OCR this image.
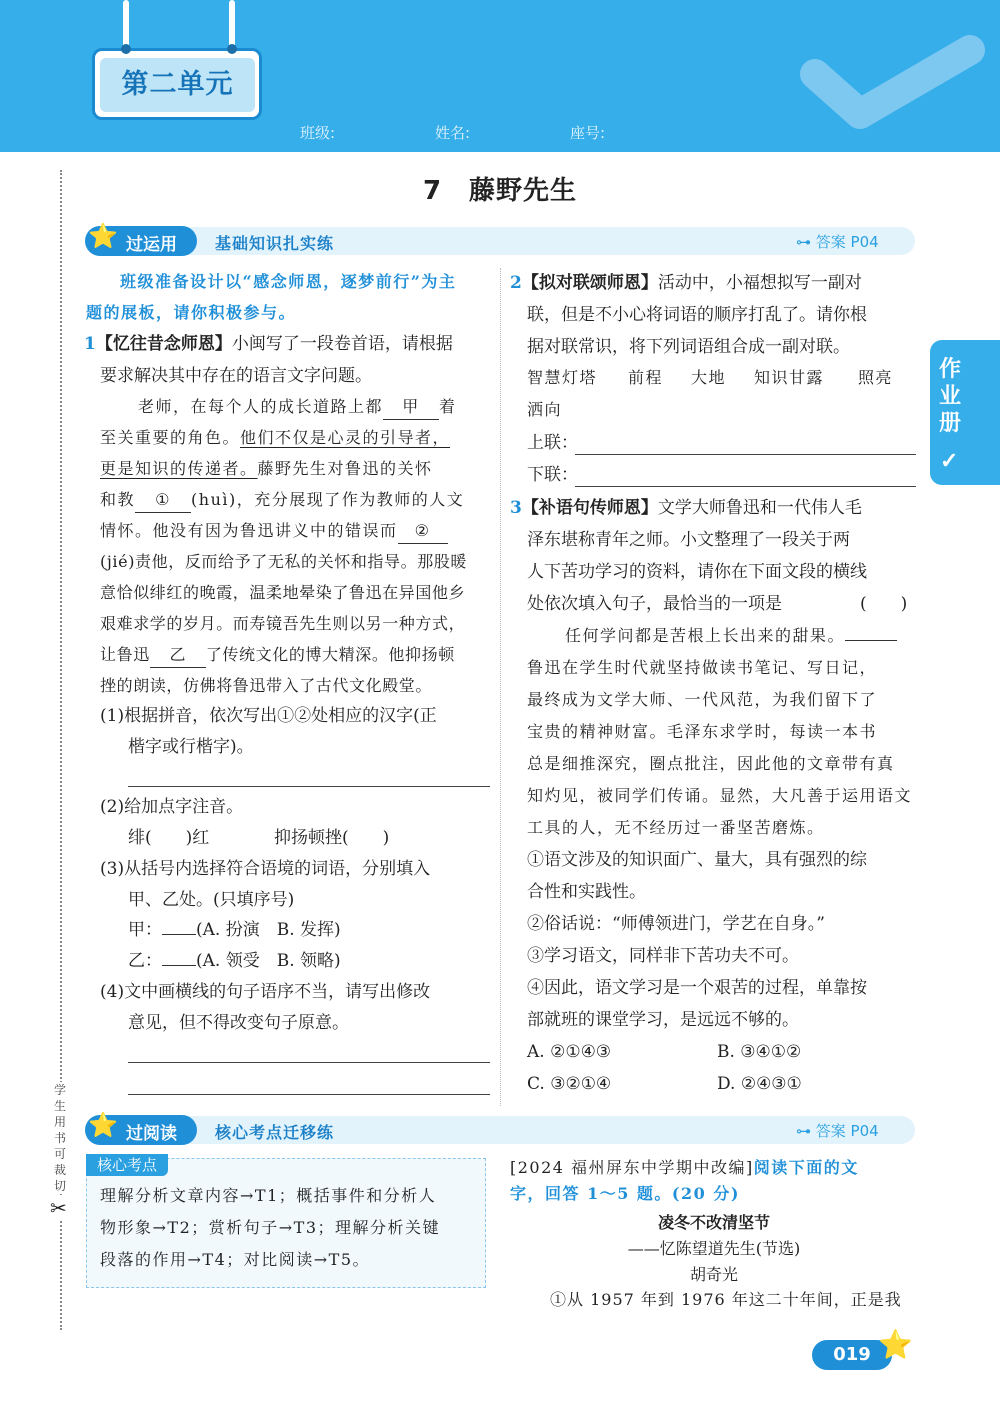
第二单元
班级:	姓名:	座号:
7　藤野先生
学生用书可裁切
✂
⭐ 过运用 基础知识扎实练	⊶ 答案 P04
班级准备设计以“感念师恩，逐梦前行”为主
题的展板，请你积极参与。
1【忆往昔念师恩】小闽写了一段卷首语，请根据
要求解决其中存在的语言文字问题。
老师，在每个人的成长道路上都 甲 着
至关重要的角色。他们不仅是心灵的引导者，
更是知识的传递者。藤野先生对鲁迅的关怀
和教 ① (huì)，充分展现了作为教师的人文
情怀。他没有因为鲁迅讲义中的错误而 ②
(jié)责他，反而给予了无私的关怀和指导。那股暖
意恰似绯红的晚霞，温柔地晕染了鲁迅在异国他乡
艰难求学的岁月。而寿镜吾先生则以另一种方式，
让鲁迅 乙 了传统文化的博大精深。他抑扬顿
挫的朗读，仿佛将鲁迅带入了古代文化殿堂。
(1)根据拼音，依次写出①②处相应的汉字(正
楷字或行楷字)。
(2)给加点字注音。
绯(　　)红	抑扬顿挫(　　)
(3)从括号内选择符合语境的词语，分别填入
甲、乙处。(只填序号)
甲： (A. 扮演　B. 发挥)
乙： (A. 领受　B. 领略)
(4)文中画横线的句子语序不当，请写出修改
意见，但不得改变句子原意。
2【拟对联颂师恩】活动中，小福想拟写一副对
联，但是不小心将词语的顺序打乱了。请你根
据对联常识，将下列词语组合成一副对联。
智慧灯塔 前程 大地 知识甘露 照亮
洒向
上联：
下联：
3【补语句传师恩】文学大师鲁迅和一代伟人毛
泽东堪称青年之师。小文整理了一段关于两
人下苦功学习的资料，请你在下面文段的横线
处依次填入句子，最恰当的一项是	(　　)
任何学问都是苦根上长出来的甜果。
鲁迅在学生时代就坚持做读书笔记、写日记，
最终成为文学大师、一代风范，为我们留下了
宝贵的精神财富。毛泽东求学时，每读一本书
总是细推深究，圈点批注，因此他的文章带有真
知灼见，被同学们传诵。显然，大凡善于运用语文
工具的人，无不经历过一番坚苦磨炼。
①语文涉及的知识面广、量大，具有强烈的综
合性和实践性。
②俗话说：“师傅领进门，学艺在自身。”
③学习语文，同样非下苦功夫不可。
④因此，语文学习是一个艰苦的过程，单靠按
部就班的课堂学习，是远远不够的。
A. ②①④③	B. ③④①②
C. ③②①④	D. ②④③①
作业册
✓
⭐ 过阅读 核心考点迁移练	⊶ 答案 P04
核心考点
理解分析文章内容→T1；概括事件和分析人
物形象→T2；赏析句子→T3；理解分析关键
段落的作用→T4；对比阅读→T5。
[2024 福州屏东中学期中改编]阅读下面的文
字，回答 1～5 题。(20 分)
凌冬不改清坚节
——忆陈望道先生(节选)
胡奇光
①从 1957 年到 1976 年这二十年间，正是我
019 ⭐
